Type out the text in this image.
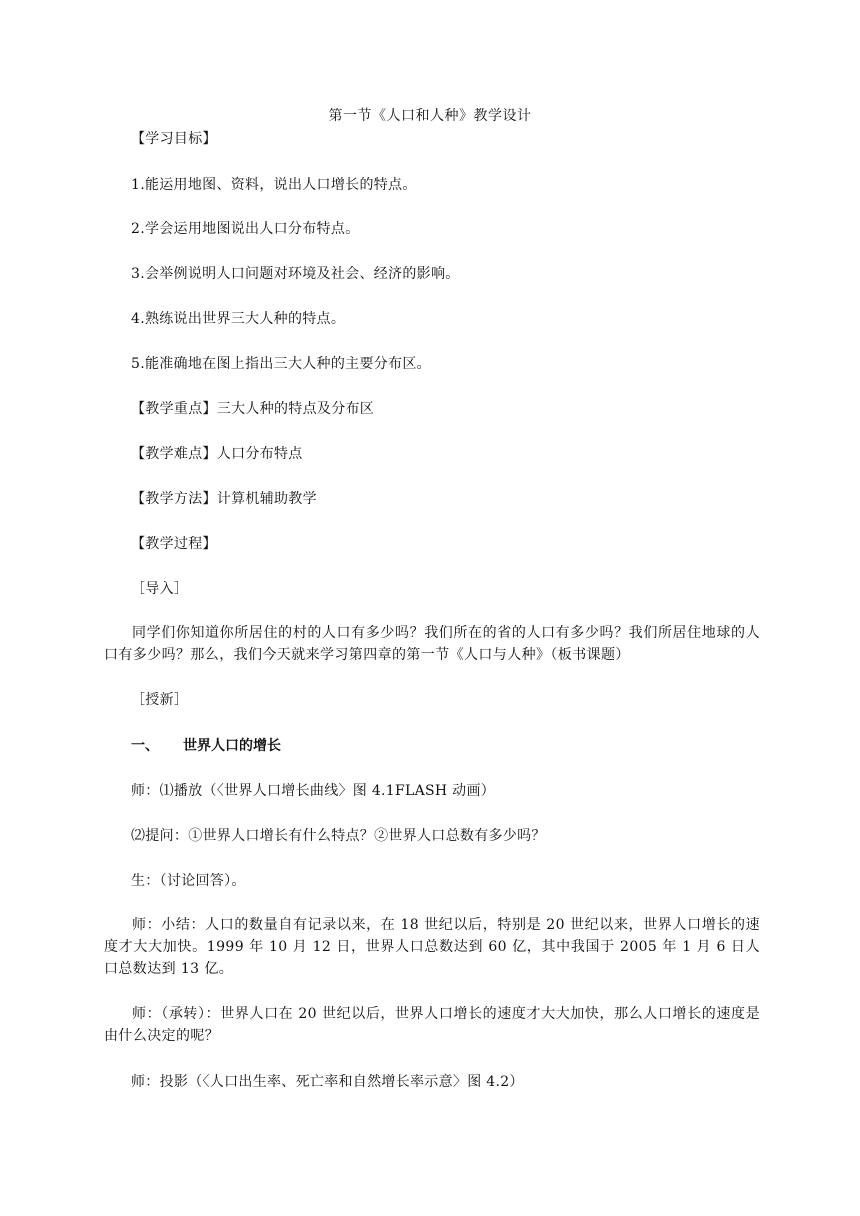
第一节《人口和人种》教学设计
【学习目标】
1.能运用地图、资料，说出人口增长的特点。
2.学会运用地图说出人口分布特点。
3.会举例说明人口问题对环境及社会、经济的影响。
4.熟练说出世界三大人种的特点。
5.能准确地在图上指出三大人种的主要分布区。
【教学重点】三大人种的特点及分布区
【教学难点】人口分布特点
【教学方法】计算机辅助教学
【教学过程】
［导入］
同学们你知道你所居住的村的人口有多少吗？我们所在的省的人口有多少吗？我们所居住地球的人口有多少吗？那么，我们今天就来学习第四章的第一节《人口与人种》（板书课题）
［授新］
一、 世界人口的增长
师：⑴播放（〈世界人口增长曲线〉图 4.1FLASH 动画）
⑵提问：①世界人口增长有什么特点？②世界人口总数有多少吗？
生：（讨论回答）。
师：小结：人口的数量自有记录以来，在 18 世纪以后，特别是 20 世纪以来，世界人口增长的速度才大大加快。1999 年 10 月 12 日，世界人口总数达到 60 亿，其中我国于 2005 年 1 月 6 日人口总数达到 13 亿。
师：（承转）：世界人口在 20 世纪以后，世界人口增长的速度才大大加快，那么人口增长的速度是由什么决定的呢？
师：投影（〈人口出生率、死亡率和自然增长率示意〉图 4.2）
